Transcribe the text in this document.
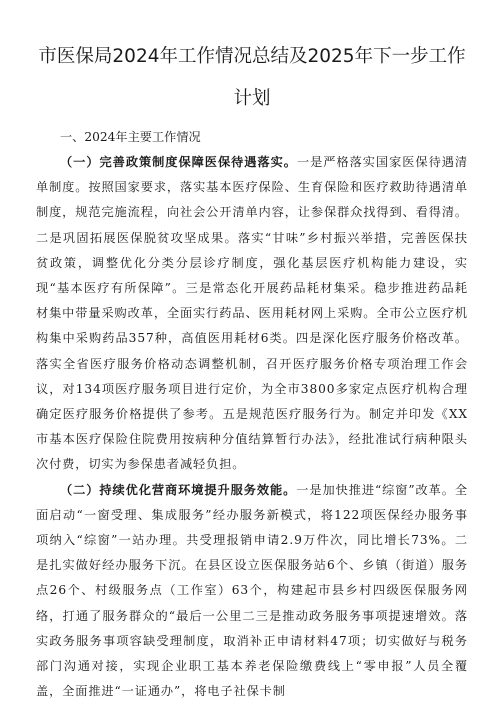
市医保局2024年工作情况总结及2025年下一步工作
计划
一、2024年主要工作情况

（一）完善政策制度保障医保待遇落实。一是严格落实国家医保待遇清单制度。按照国家要求，落实基本医疗保险、生育保险和医疗救助待遇清单制度，规范完施流程，向社会公开清单内容，让参保群众找得到、看得清。二是巩固拓展医保脱贫攻坚成果。落实“甘味”乡村振兴举措，完善医保扶贫政策，调整优化分类分层诊疗制度，强化基层医疗机构能力建设，实现“基本医疗有所保障”。三是常态化开展药品耗材集采。稳步推进药品耗材集中带量采购改革，全面实行药品、医用耗材网上采购。全市公立医疗机构集中采购药品357种，高值医用耗材6类。四是深化医疗服务价格改革。落实全省医疗服务价格动态调整机制，召开医疗服务价格专项治理工作会议，对134项医疗服务项目进行定价，为全市3800多家定点医疗机构合理确定医疗服务价格提供了参考。五是规范医疗服务行为。制定并印发《XX市基本医疗保险住院费用按病种分值结算暂行办法》，经批准试行病种限头次付费，切实为参保患者减轻负担。

（二）持续优化营商环境提升服务效能。一是加快推进“综窗”改革。全面启动“一窗受理、集成服务”经办服务新模式，将122项医保经办服务事项纳入“综窗”一站办理。共受理报销申请2.9万件次，同比增长73%。二是扎实做好经办服务下沉。在县区设立医保服务站6个、乡镇（街道）服务点26个、村级服务点（工作室）63个，构建起市县乡村四级医保服务网络，打通了服务群众的“最后一公里二三是推动政务服务事项提速增效。落实政务服务事项容缺受理制度，取消补正申请材料47项；切实做好与税务部门沟通对接，实现企业职工基本养老保险缴费线上“零申报”人员全覆盖，全面推进“一证通办”，将电子社保卡制
